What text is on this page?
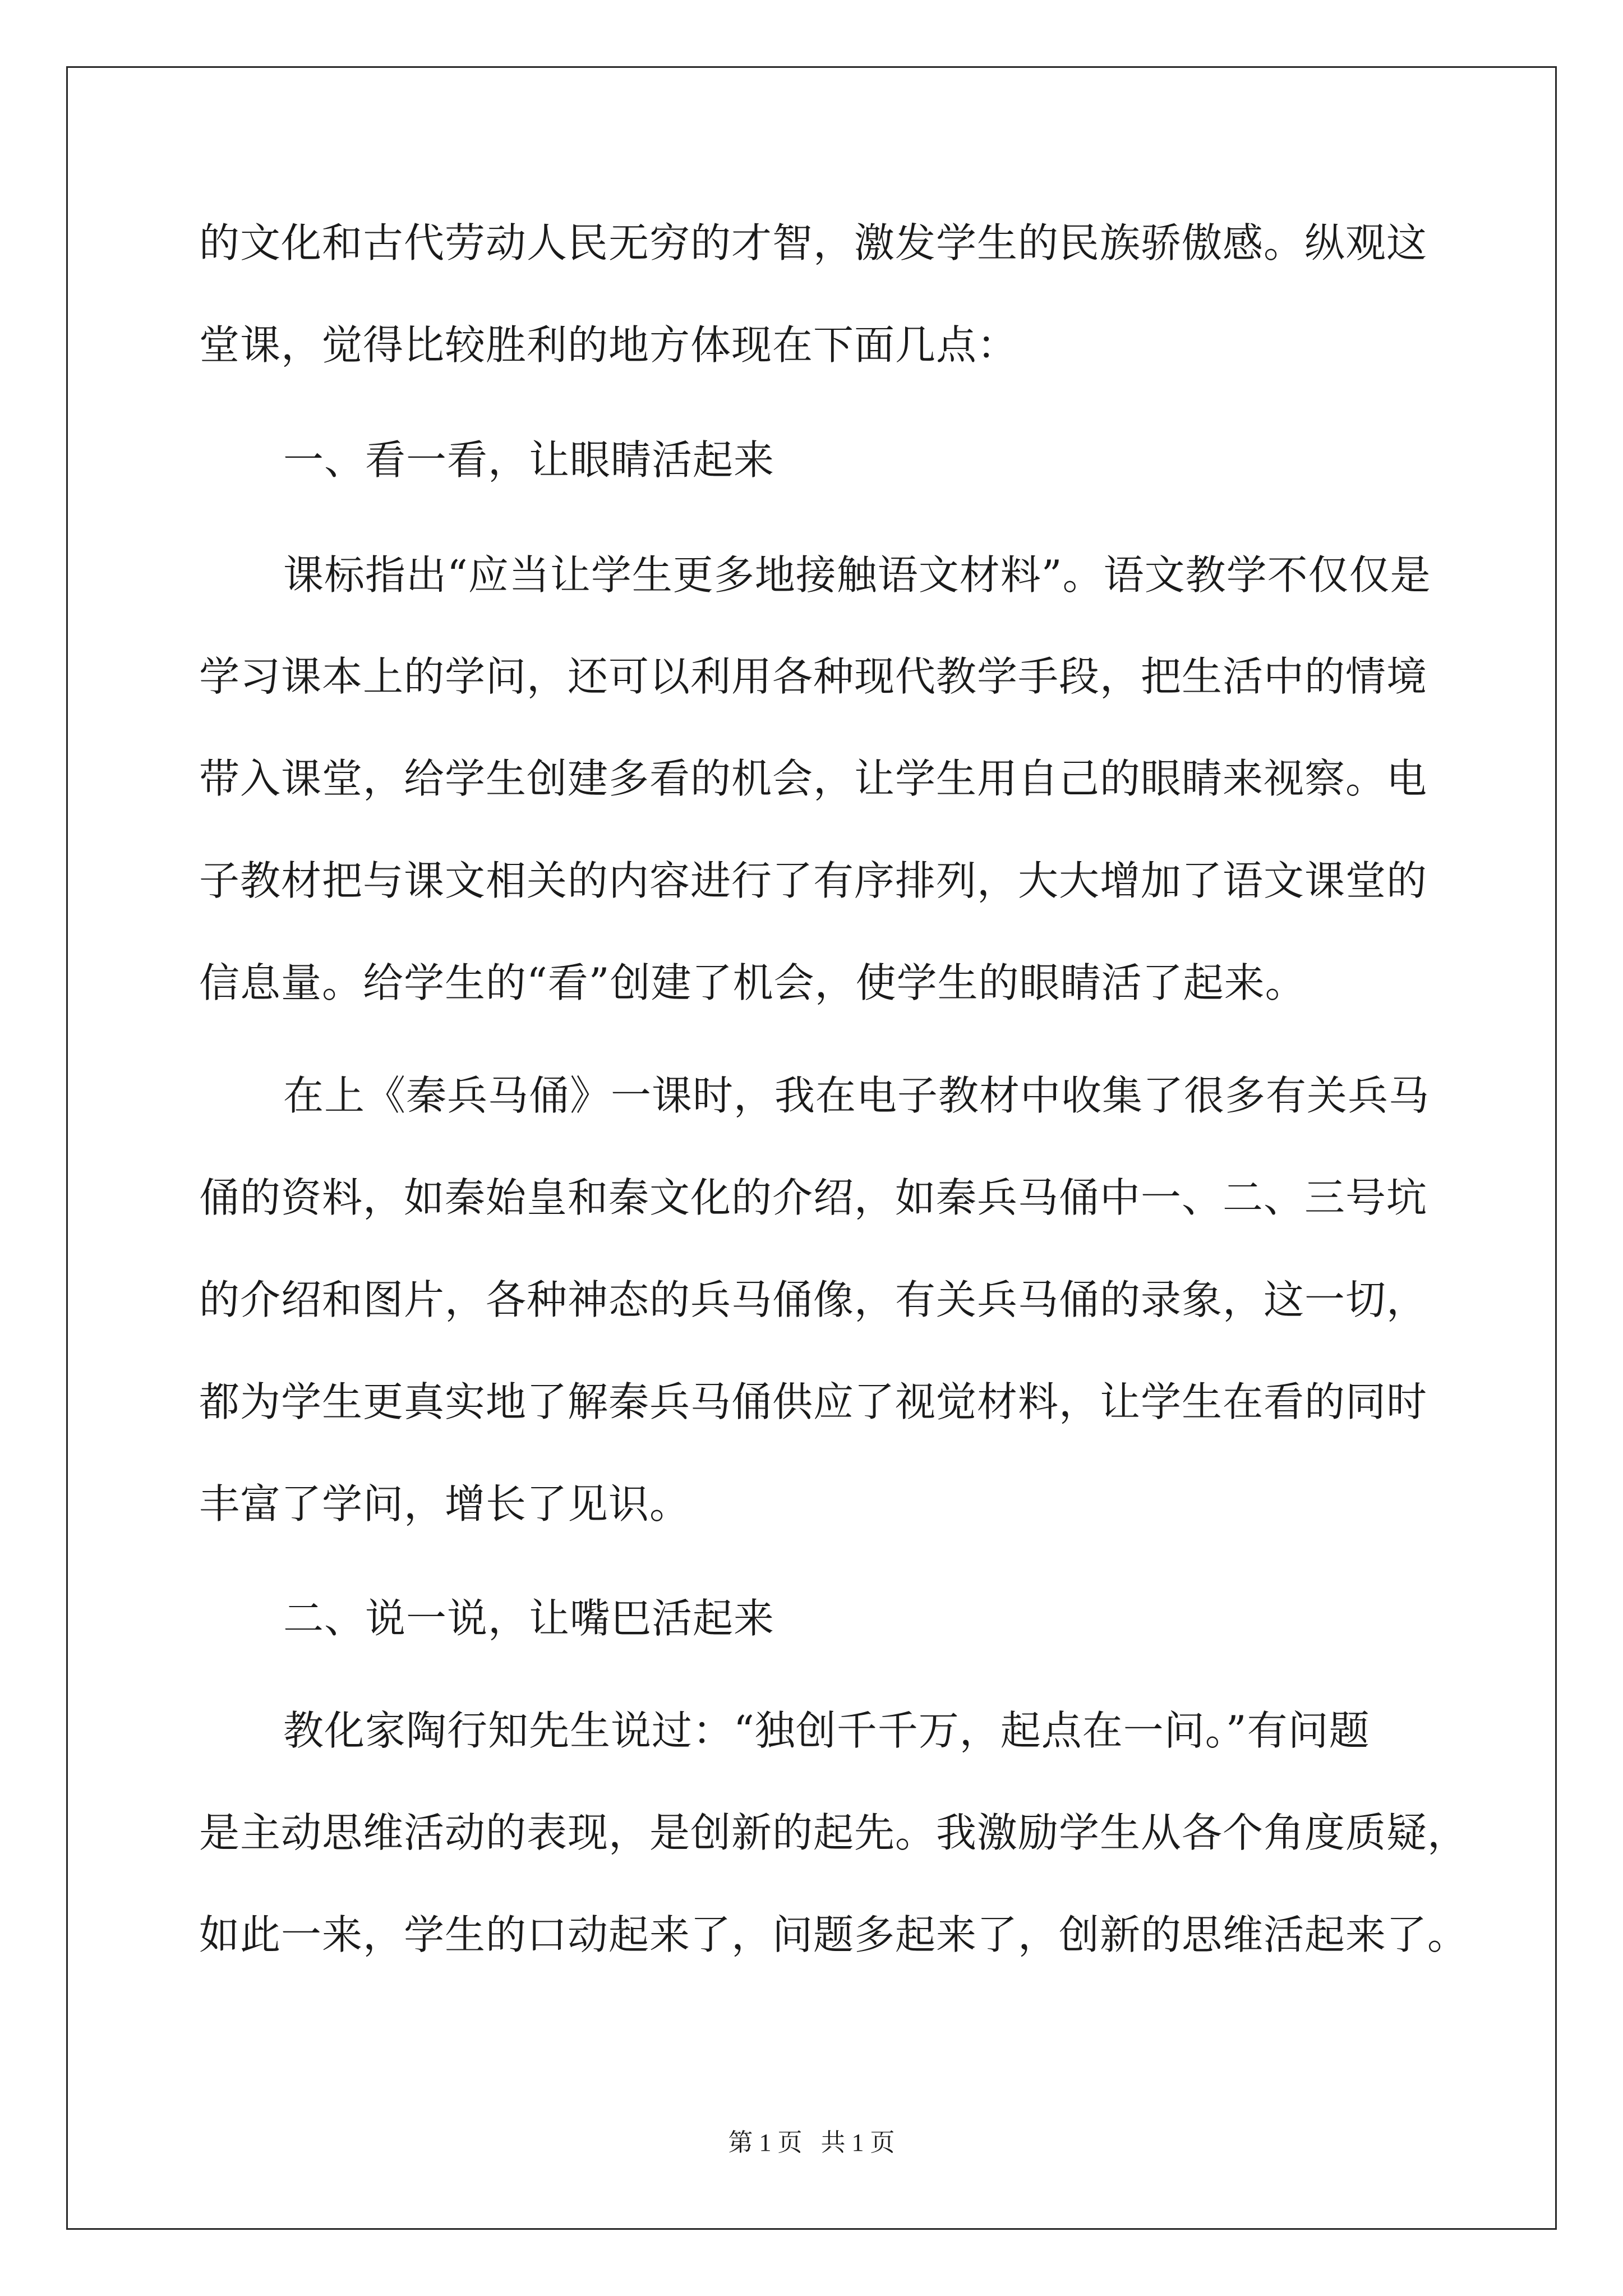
的文化和古代劳动人民无穷的才智，激发学生的民族骄傲感。纵观这
堂课，觉得比较胜利的地方体现在下面几点：
一、看一看，让眼睛活起来
课标指出“应当让学生更多地接触语文材料”。语文教学不仅仅是
学习课本上的学问，还可以利用各种现代教学手段，把生活中的情境
带入课堂，给学生创建多看的机会，让学生用自己的眼睛来视察。电
子教材把与课文相关的内容进行了有序排列，大大增加了语文课堂的
信息量。给学生的“看”创建了机会，使学生的眼睛活了起来。
在上《秦兵马俑》一课时，我在电子教材中收集了很多有关兵马
俑的资料，如秦始皇和秦文化的介绍，如秦兵马俑中一、二、三号坑
的介绍和图片，各种神态的兵马俑像，有关兵马俑的录象，这一切，
都为学生更真实地了解秦兵马俑供应了视觉材料，让学生在看的同时
丰富了学问，增长了见识。
二、说一说，让嘴巴活起来
教化家陶行知先生说过：“独创千千万，起点在一问。”有问题
是主动思维活动的表现，是创新的起先。我激励学生从各个角度质疑，
如此一来，学生的口动起来了，问题多起来了，创新的思维活起来了。
第 1 页 共 1 页
